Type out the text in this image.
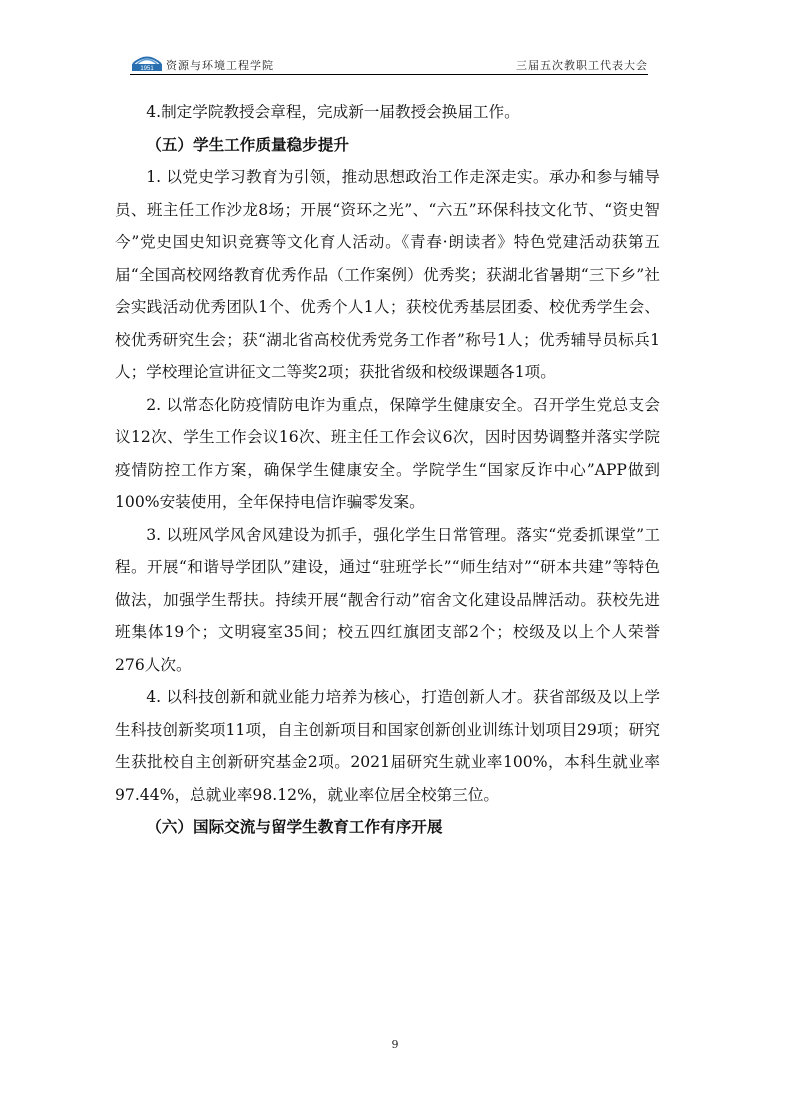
1951 资源与环境工程学院	三届五次教职工代表大会

4.制定学院教授会章程，完成新一届教授会换届工作。

（五）学生工作质量稳步提升

1. 以党史学习教育为引领，推动思想政治工作走深走实。承办和参与辅导员、班主任工作沙龙8场；开展“资环之光”、“六五”环保科技文化节、“资史智今”党史国史知识竞赛等文化育人活动。《青春·朗读者》特色党建活动获第五届“全国高校网络教育优秀作品（工作案例）优秀奖；获湖北省暑期“三下乡”社会实践活动优秀团队1个、优秀个人1人；获校优秀基层团委、校优秀学生会、校优秀研究生会；获“湖北省高校优秀党务工作者”称号1人；优秀辅导员标兵1人；学校理论宣讲征文二等奖2项；获批省级和校级课题各1项。

2. 以常态化防疫情防电诈为重点，保障学生健康安全。召开学生党总支会议12次、学生工作会议16次、班主任工作会议6次，因时因势调整并落实学院疫情防控工作方案，确保学生健康安全。学院学生“国家反诈中心”APP做到100%安装使用，全年保持电信诈骗零发案。

3. 以班风学风舍风建设为抓手，强化学生日常管理。落实“党委抓课堂”工程。开展“和谐导学团队”建设，通过“驻班学长”“师生结对”“研本共建”等特色做法，加强学生帮扶。持续开展“靓舍行动”宿舍文化建设品牌活动。获校先进班集体19个；文明寝室35间；校五四红旗团支部2个；校级及以上个人荣誉276人次。

4. 以科技创新和就业能力培养为核心，打造创新人才。获省部级及以上学生科技创新奖项11项，自主创新项目和国家创新创业训练计划项目29项；研究生获批校自主创新研究基金2项。2021届研究生就业率100%，本科生就业率97.44%，总就业率98.12%，就业率位居全校第三位。

（六）国际交流与留学生教育工作有序开展
9
